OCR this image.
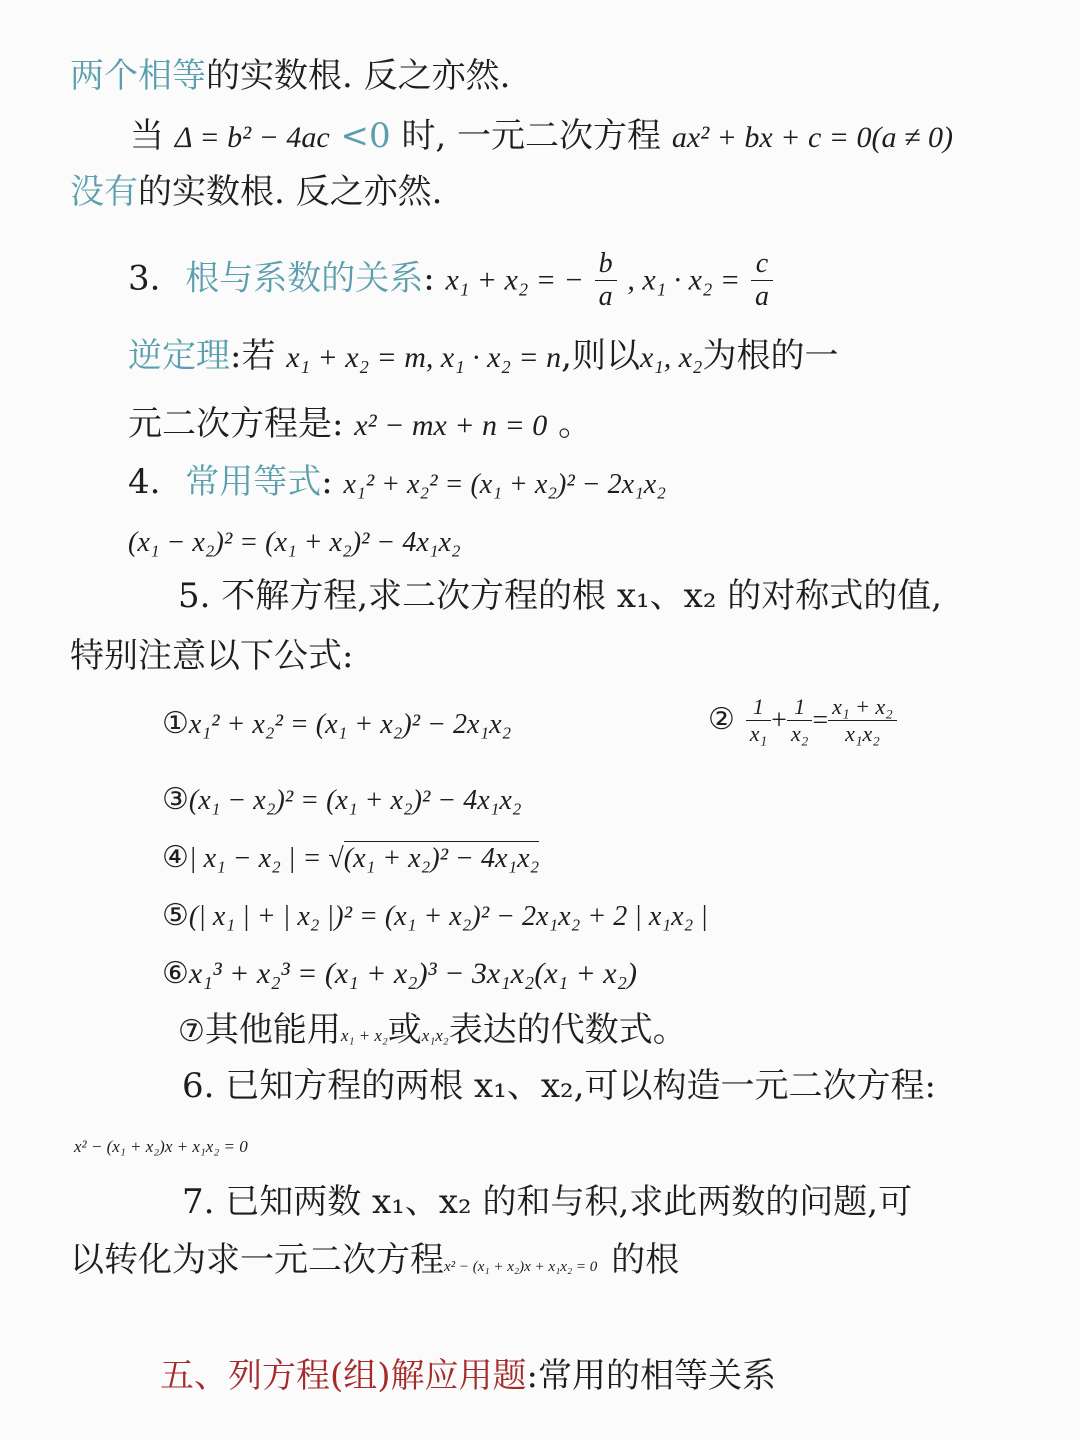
两个相等的实数根. 反之亦然.
当 Δ = b² − 4ac <0 时, 一元二次方程 ax² + bx + c = 0(a ≠ 0)
没有的实数根. 反之亦然.
3. 根与系数的关系: x₁ + x₂ = − $\frac{b}{a}$ , $x_1 \cdot x_2 = \frac{c}{a}$
逆定理:若 x₁ + x₂ = m, x₁ · x₂ = n,则以x₁, x₂为根的一
元二次方程是: x² − mx + n = 0 。
4. 常用等式: x₁² + x₂² = (x₁ + x₂)² − 2x₁x₂
(x₁ − x₂)² = (x₁ + x₂)² − 4x₁x₂
5. 不解方程,求二次方程的根 x₁、x₂ 的对称式的值,
特别注意以下公式:
①x₁² + x₂² = (x₁ + x₂)² − 2x₁x₂	② $\frac{1}{\text{x₁}} + \frac{1}{\text{x₂}} = \frac{\text{x₁ + x₂}}{\text{x₁x₂}}$
③(x₁ − x₂)² = (x₁ + x₂)² − 4x₁x₂
④| x₁ − x₂ | = √(x₁ + x₂)² − 4x₁x₂
⑤(| x₁ | + | x₂ |)² = (x₁ + x₂)² − 2x₁x₂ + 2 | x₁x₂ |
⑥x₁³ + x₂³ = (x₁ + x₂)³ − 3x₁x₂(x₁ + x₂)
⑦其他能用x₁ + x₂或x₁x₂表达的代数式。
6. 已知方程的两根 x₁、x₂,可以构造一元二次方程:
x² − (x₁ + x₂)x + x₁x₂ = 0
7. 已知两数 x₁、x₂ 的和与积,求此两数的问题,可
以转化为求一元二次方程x² − (x₁ + x₂)x + x₁x₂ = 0 的根
五、列方程(组)解应用题:常用的相等关系
